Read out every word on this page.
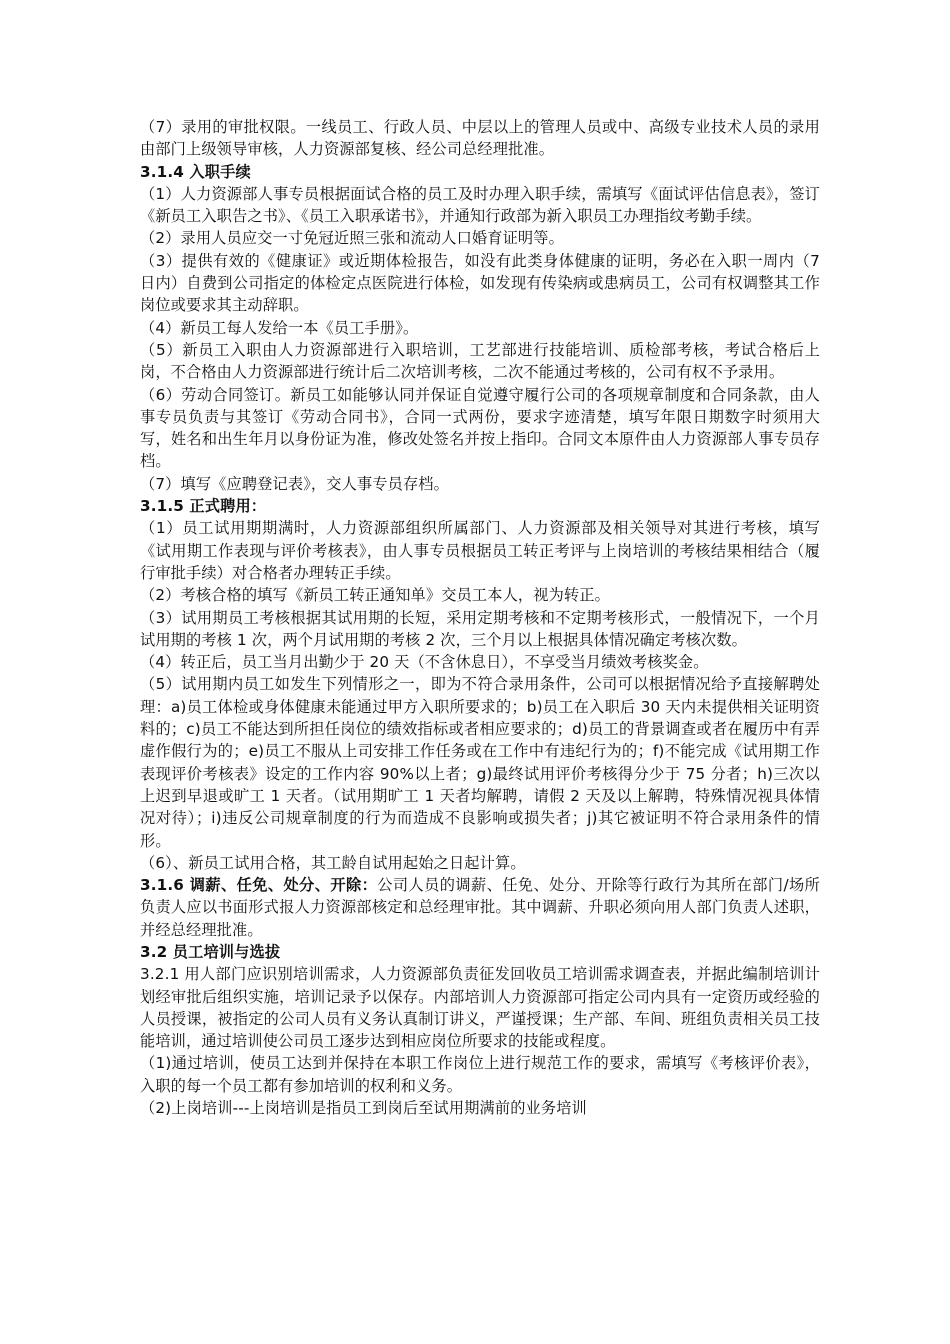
（7）录用的审批权限。一线员工、行政人员、中层以上的管理人员或中、高级专业技术人员的录用由部门上级领导审核，人力资源部复核、经公司总经理批准。

3.1.4 入职手续

（1）人力资源部人事专员根据面试合格的员工及时办理入职手续，需填写《面试评估信息表》，签订《新员工入职告之书》、《员工入职承诺书》，并通知行政部为新入职员工办理指纹考勤手续。

（2）录用人员应交一寸免冠近照三张和流动人口婚育证明等。

（3）提供有效的《健康证》或近期体检报告，如没有此类身体健康的证明，务必在入职一周内（7 日内）自费到公司指定的体检定点医院进行体检，如发现有传染病或患病员工，公司有权调整其工作岗位或要求其主动辞职。

（4）新员工每人发给一本《员工手册》。

（5）新员工入职由人力资源部进行入职培训，工艺部进行技能培训、质检部考核，考试合格后上岗，不合格由人力资源部进行统计后二次培训考核，二次不能通过考核的，公司有权不予录用。

（6）劳动合同签订。新员工如能够认同并保证自觉遵守履行公司的各项规章制度和合同条款，由人事专员负责与其签订《劳动合同书》，合同一式两份，要求字迹清楚，填写年限日期数字时须用大写，姓名和出生年月以身份证为准，修改处签名并按上指印。合同文本原件由人力资源部人事专员存档。

（7）填写《应聘登记表》，交人事专员存档。

3.1.5 正式聘用：

（1）员工试用期期满时，人力资源部组织所属部门、人力资源部及相关领导对其进行考核，填写《试用期工作表现与评价考核表》，由人事专员根据员工转正考评与上岗培训的考核结果相结合（履行审批手续）对合格者办理转正手续。

（2）考核合格的填写《新员工转正通知单》交员工本人，视为转正。

（3）试用期员工考核根据其试用期的长短，采用定期考核和不定期考核形式，一般情况下，一个月试用期的考核 1 次，两个月试用期的考核 2 次，三个月以上根据具体情况确定考核次数。

（4）转正后，员工当月出勤少于 20 天（不含休息日），不享受当月绩效考核奖金。

（5）试用期内员工如发生下列情形之一，即为不符合录用条件，公司可以根据情况给予直接解聘处理：a)员工体检或身体健康未能通过甲方入职所要求的；b)员工在入职后 30 天内未提供相关证明资料的；c)员工不能达到所担任岗位的绩效指标或者相应要求的；d)员工的背景调查或者在履历中有弄虚作假行为的；e)员工不服从上司安排工作任务或在工作中有违纪行为的；f)不能完成《试用期工作表现评价考核表》设定的工作内容 90%以上者；g)最终试用评价考核得分少于 75 分者；h)三次以上迟到早退或旷工 1 天者。（试用期旷工 1 天者均解聘，请假 2 天及以上解聘，特殊情况视具体情况对待）；i)违反公司规章制度的行为而造成不良影响或损失者；j)其它被证明不符合录用条件的情形。

（6）、新员工试用合格，其工龄自试用起始之日起计算。

3.1.6 调薪、任免、处分、开除：公司人员的调薪、任免、处分、开除等行政行为其所在部门/场所负责人应以书面形式报人力资源部核定和总经理审批。其中调薪、升职必须向用人部门负责人述职，并经总经理批准。

3.2 员工培训与选拔

3.2.1 用人部门应识别培训需求，人力资源部负责征发回收员工培训需求调查表，并据此编制培训计划经审批后组织实施，培训记录予以保存。内部培训人力资源部可指定公司内具有一定资历或经验的人员授课，被指定的公司人员有义务认真制订讲义，严谨授课；生产部、车间、班组负责相关员工技能培训，通过培训使公司员工逐步达到相应岗位所要求的技能或程度。

（1)通过培训，使员工达到并保持在本职工作岗位上进行规范工作的要求，需填写《考核评价表》，入职的每一个员工都有参加培训的权利和义务。

（2)上岗培训---上岗培训是指员工到岗后至试用期满前的业务培训
